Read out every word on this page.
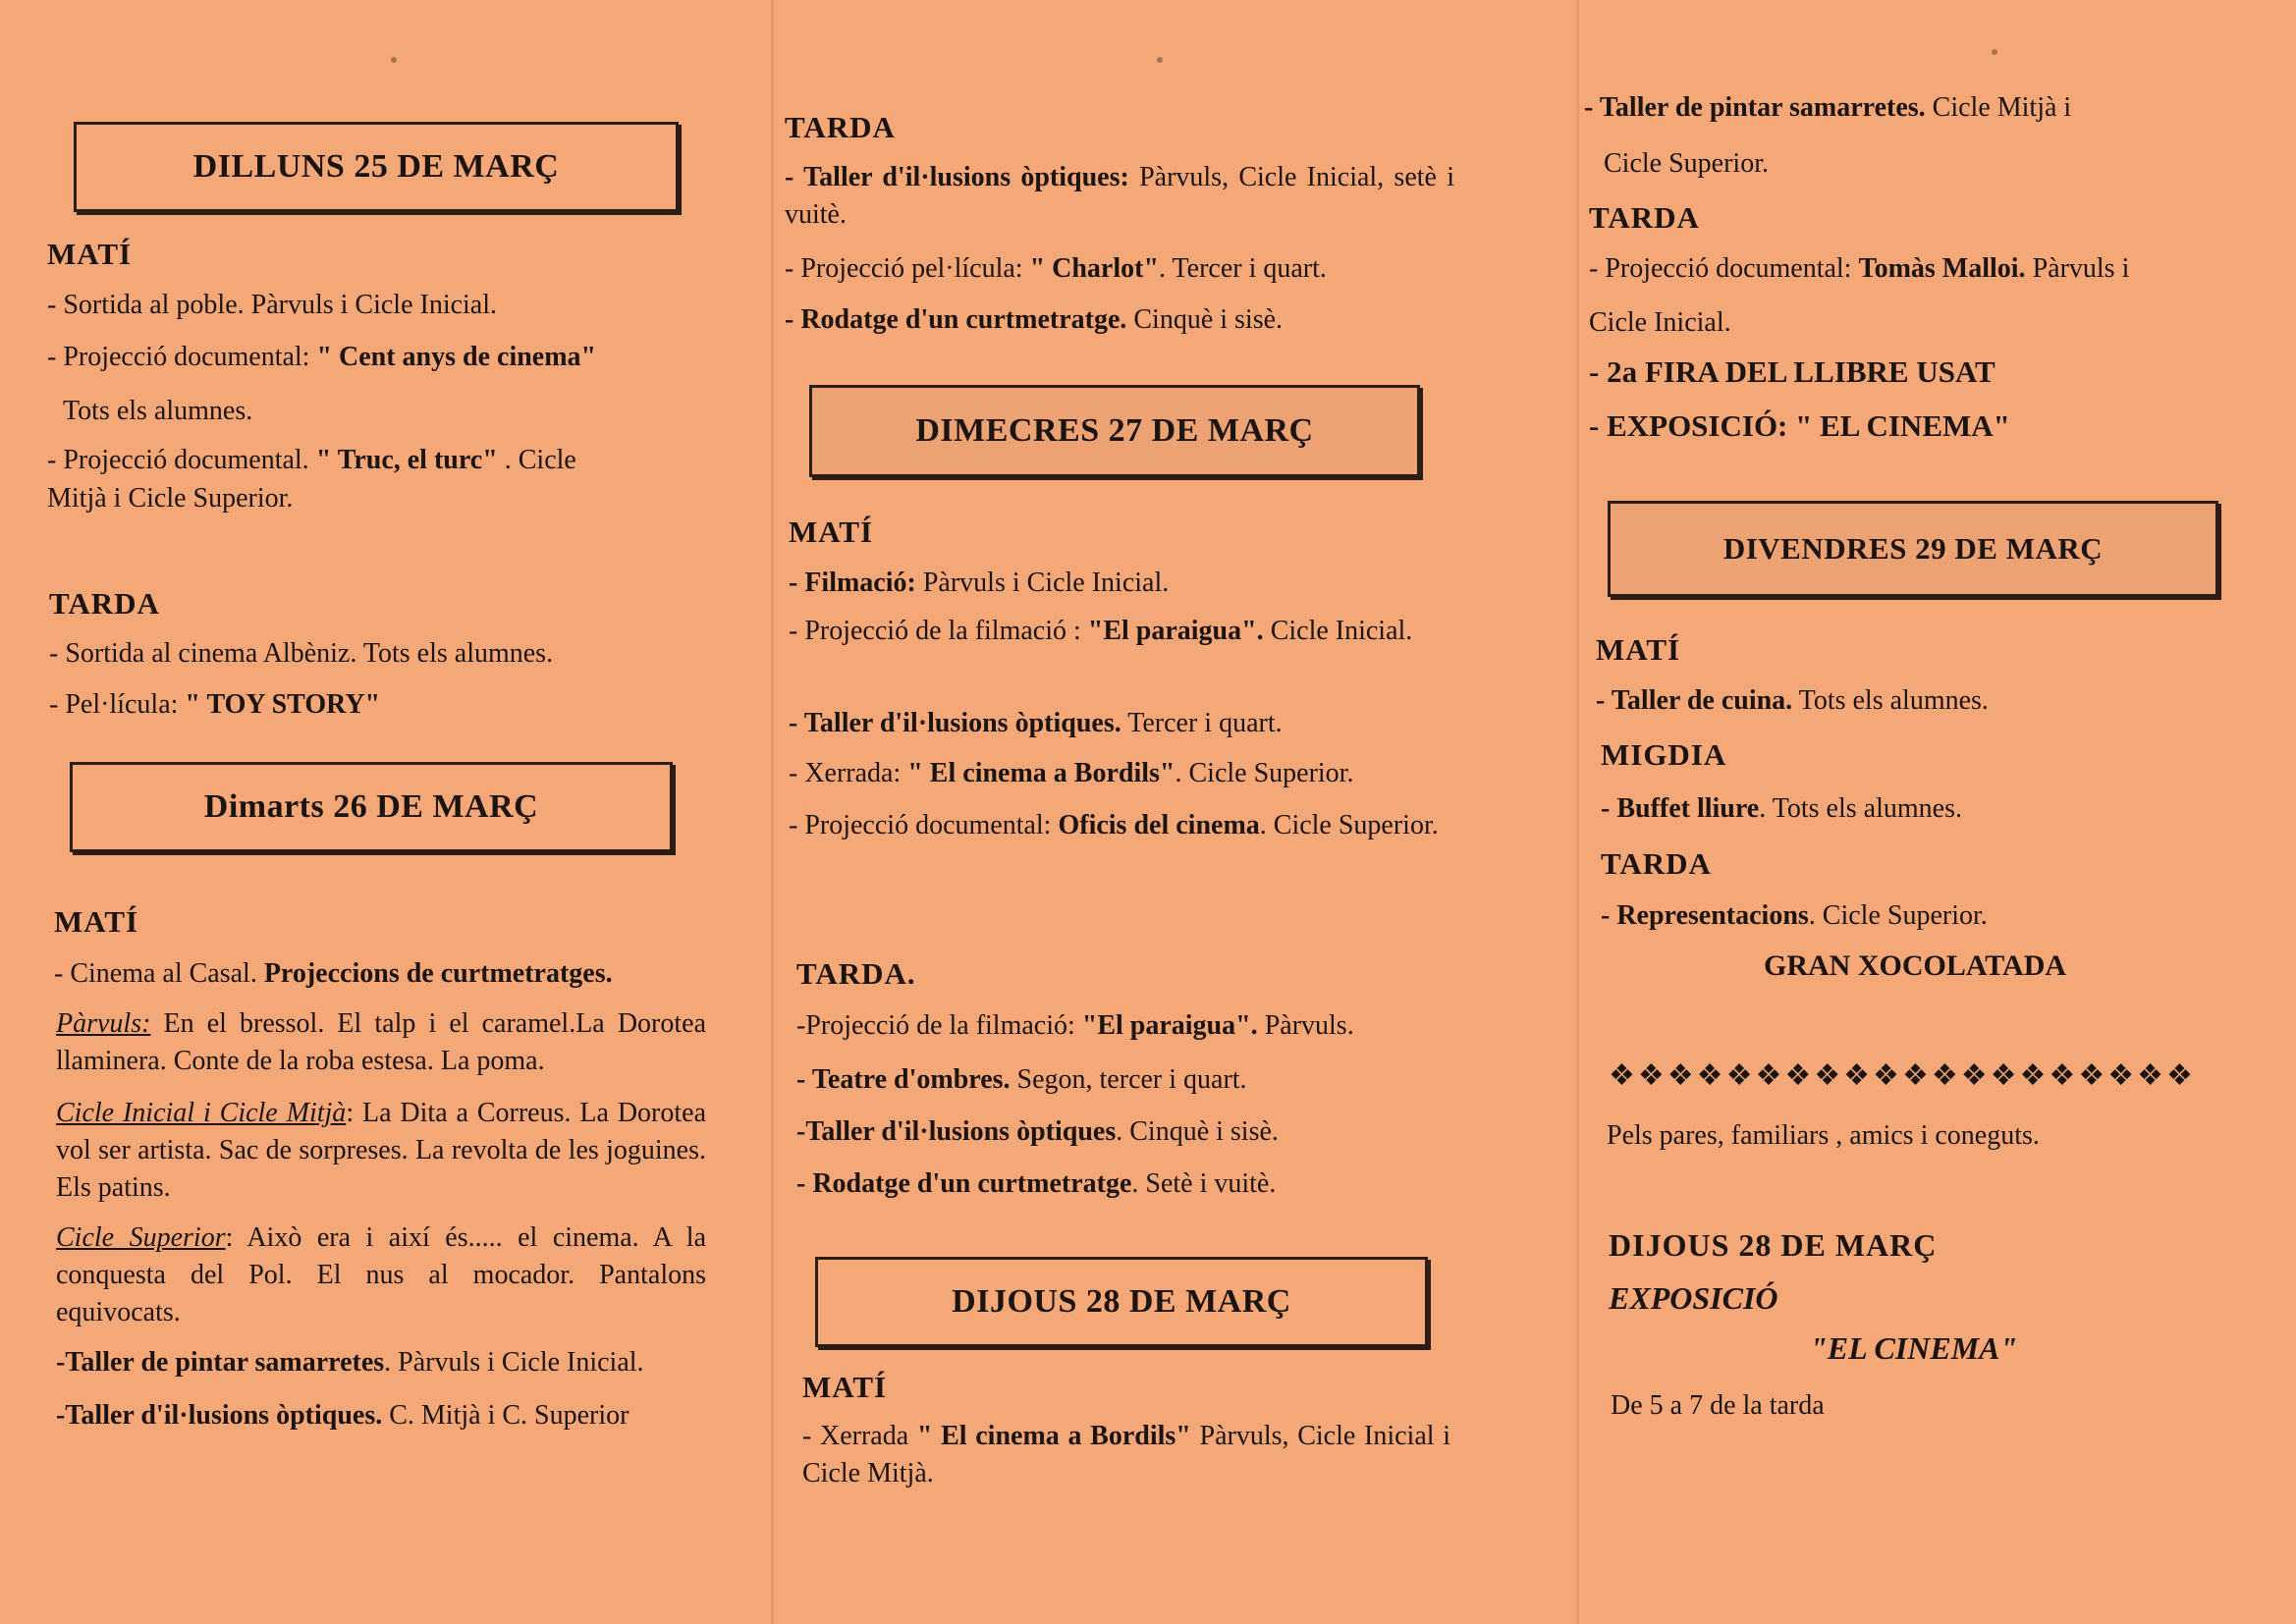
DILLUNS 25 DE MARÇ
MATÍ
- Sortida al poble. Pàrvuls i Cicle Inicial.
- Projecció documental: " Cent anys de cinema"
Tots els alumnes.
- Projecció documental. " Truc, el turc" . Cicle
Mitjà i Cicle Superior.
TARDA
- Sortida al cinema Albèniz. Tots els alumnes.
- Pel·lícula: " TOY STORY"
Dimarts 26 DE MARÇ
MATÍ
- Cinema al Casal. Projeccions de curtmetratges.
Pàrvuls: En el bressol. El talp i el caramel.La Dorotea llaminera. Conte de la roba estesa. La poma.
Cicle Inicial i Cicle Mitjà: La Dita a Correus. La Dorotea vol ser artista. Sac de sorpreses. La revolta de les joguines. Els patins.
Cicle Superior: Això era i així és..... el cinema. A la conquesta del Pol. El nus al mocador. Pantalons equivocats.
-Taller de pintar samarretes. Pàrvuls i Cicle Inicial.
-Taller d'il·lusions òptiques. C. Mitjà i C. Superior
TARDA
- Taller d'il·lusions òptiques: Pàrvuls, Cicle Inicial, setè i vuitè.
- Projecció pel·lícula: " Charlot". Tercer i quart.
- Rodatge d'un curtmetratge. Cinquè i sisè.
DIMECRES 27 DE MARÇ
MATÍ
- Filmació: Pàrvuls i Cicle Inicial.
- Projecció de la filmació : "El paraigua". Cicle Inicial.
- Taller d'il·lusions òptiques. Tercer i quart.
- Xerrada: " El cinema a Bordils". Cicle Superior.
- Projecció documental: Oficis del cinema. Cicle Superior.
TARDA.
-Projecció de la filmació: "El paraigua". Pàrvuls.
- Teatre d'ombres. Segon, tercer i quart.
-Taller d'il·lusions òptiques. Cinquè i sisè.
- Rodatge d'un curtmetratge. Setè i vuitè.
DIJOUS 28 DE MARÇ
MATÍ
- Xerrada " El cinema a Bordils" Pàrvuls, Cicle Inicial i Cicle Mitjà.
- Taller de pintar samarretes. Cicle Mitjà i
Cicle Superior.
TARDA
- Projecció documental: Tomàs Malloi. Pàrvuls i
Cicle Inicial.
- 2a FIRA DEL LLIBRE USAT
- EXPOSICIÓ: " EL CINEMA"
DIVENDRES 29 DE MARÇ
MATÍ
- Taller de cuina. Tots els alumnes.
MIGDIA
- Buffet lliure. Tots els alumnes.
TARDA
- Representacions. Cicle Superior.
GRAN XOCOLATADA
❖❖❖❖❖❖❖❖❖❖❖❖❖❖❖❖❖❖❖❖
Pels pares, familiars , amics i coneguts.
DIJOUS 28 DE MARÇ
EXPOSICIÓ
"EL CINEMA"
De 5 a 7 de la tarda
